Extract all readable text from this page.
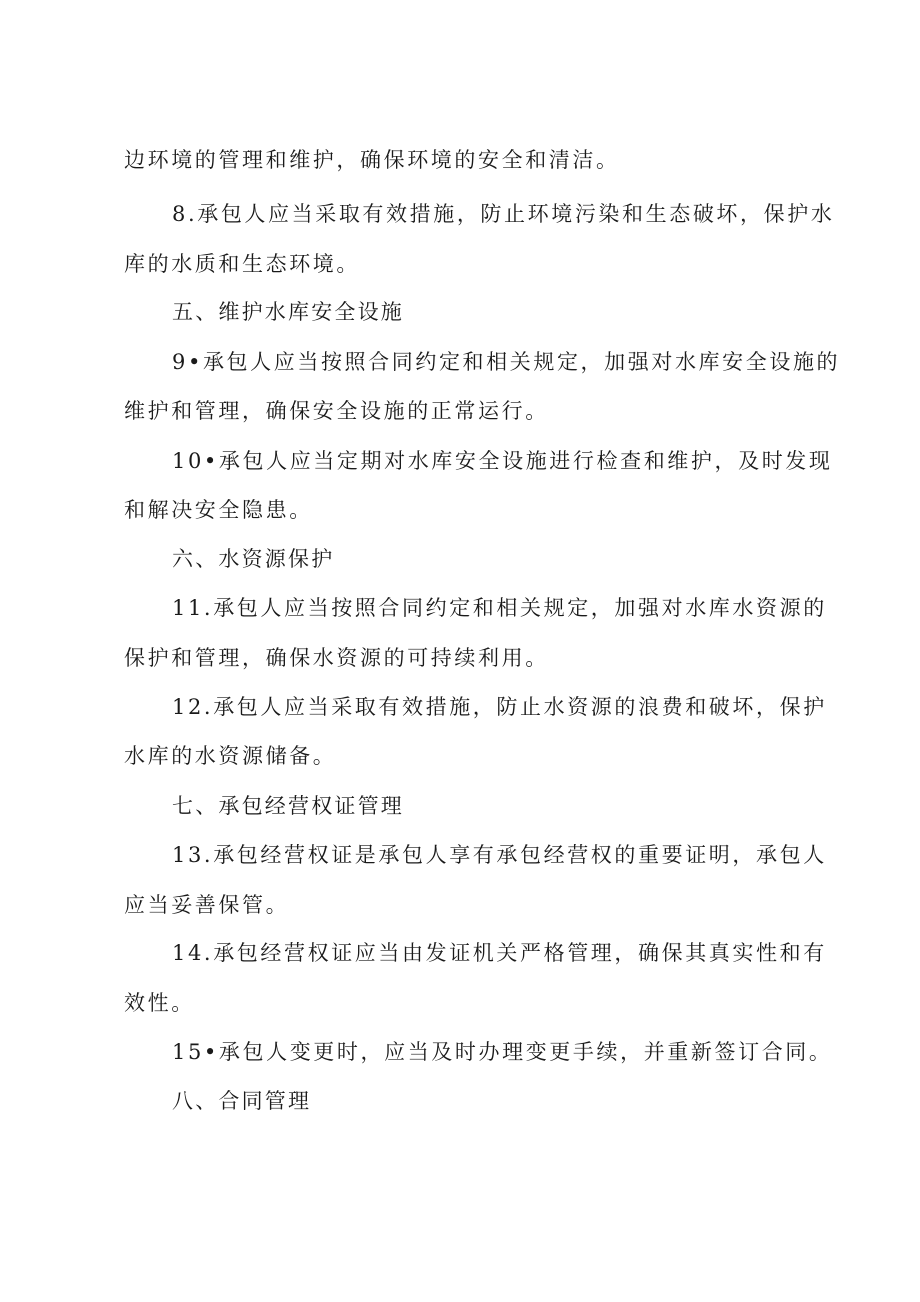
边环境的管理和维护，确保环境的安全和清洁。
8.承包人应当采取有效措施，防止环境污染和生态破坏，保护水
库的水质和生态环境。
五、维护水库安全设施
9•承包人应当按照合同约定和相关规定，加强对水库安全设施的
维护和管理，确保安全设施的正常运行。
10•承包人应当定期对水库安全设施进行检查和维护，及时发现
和解决安全隐患。
六、水资源保护
11.承包人应当按照合同约定和相关规定，加强对水库水资源的
保护和管理，确保水资源的可持续利用。
12.承包人应当采取有效措施，防止水资源的浪费和破坏，保护
水库的水资源储备。
七、承包经营权证管理
13.承包经营权证是承包人享有承包经营权的重要证明，承包人
应当妥善保管。
14.承包经营权证应当由发证机关严格管理，确保其真实性和有
效性。
15•承包人变更时，应当及时办理变更手续，并重新签订合同。
八、合同管理
